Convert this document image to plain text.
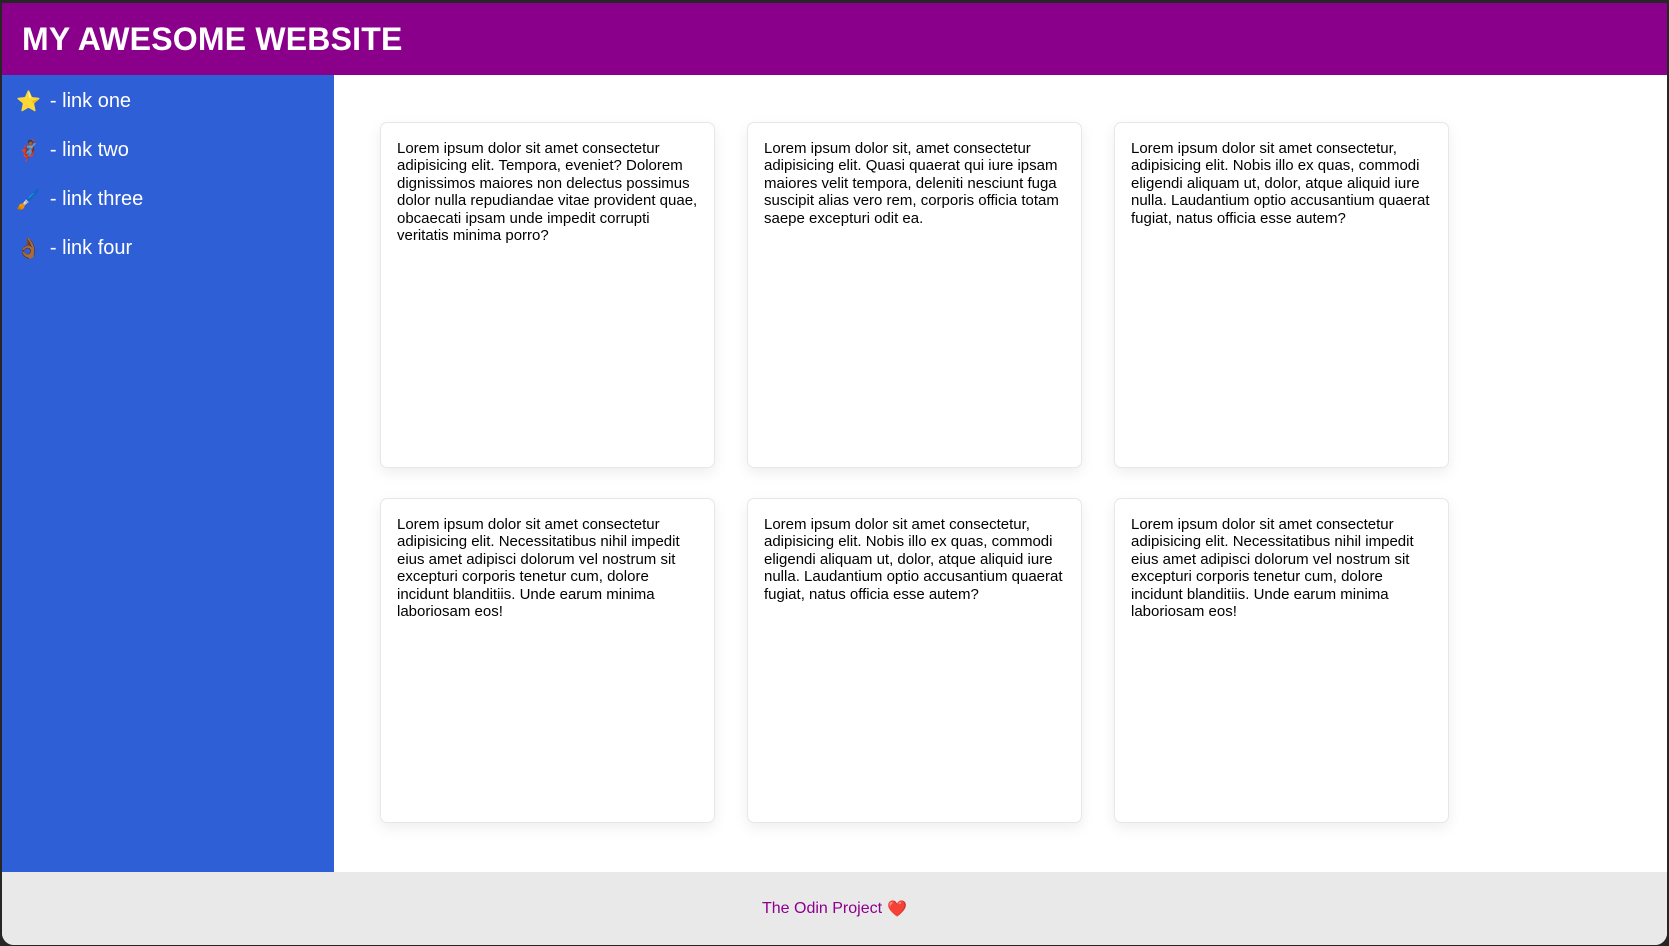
MY AWESOME WEBSITE
⭐ - link one
🦸🏾 - link two
🖌️ - link three
👌🏾 - link four

Lorem ipsum dolor sit amet consectetur adipisicing elit. Tempora, eveniet? Dolorem dignissimos maiores non delectus possimus dolor nulla repudiandae vitae provident quae, obcaecati ipsam unde impedit corrupti veritatis minima porro?

Lorem ipsum dolor sit, amet consectetur adipisicing elit. Quasi quaerat qui iure ipsam maiores velit tempora, deleniti nesciunt fuga suscipit alias vero rem, corporis officia totam saepe excepturi odit ea.

Lorem ipsum dolor sit amet consectetur, adipisicing elit. Nobis illo ex quas, commodi eligendi aliquam ut, dolor, atque aliquid iure nulla. Laudantium optio accusantium quaerat fugiat, natus officia esse autem?

Lorem ipsum dolor sit amet consectetur adipisicing elit. Necessitatibus nihil impedit eius amet adipisci dolorum vel nostrum sit excepturi corporis tenetur cum, dolore incidunt blanditiis. Unde earum minima laboriosam eos!

Lorem ipsum dolor sit amet consectetur, adipisicing elit. Nobis illo ex quas, commodi eligendi aliquam ut, dolor, atque aliquid iure nulla. Laudantium optio accusantium quaerat fugiat, natus officia esse autem?

Lorem ipsum dolor sit amet consectetur adipisicing elit. Necessitatibus nihil impedit eius amet adipisci dolorum vel nostrum sit excepturi corporis tenetur cum, dolore incidunt blanditiis. Unde earum minima laboriosam eos!

The Odin Project ❤️
